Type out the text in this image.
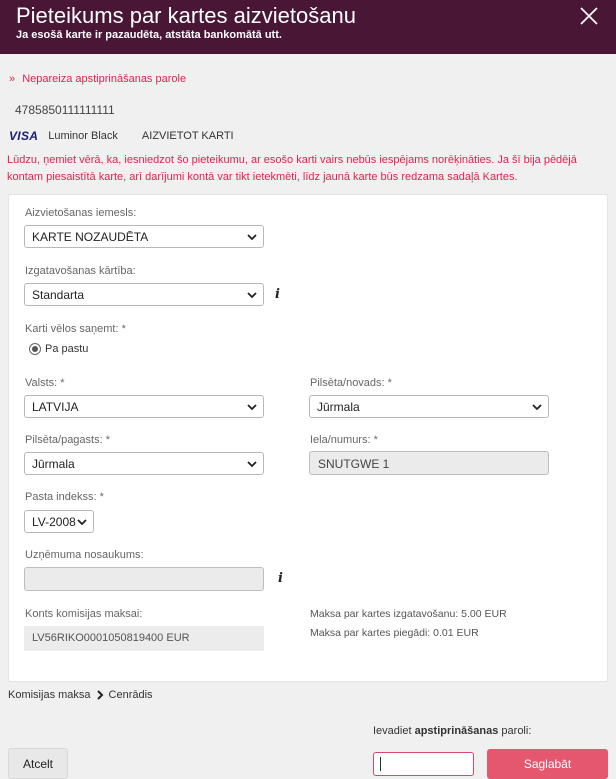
Pieteikums par kartes aizvietošanu
Ja esošā karte ir pazaudēta, atstāta bankomātā utt.
» Nepareiza apstiprināšanas parole
4785850111111111
VISA Luminor Black AIZVIETOT KARTI
Lūdzu, ņemiet vērā, ka, iesniedzot šo pieteikumu, ar esošo karti vairs nebūs iespējams norēķināties. Ja šī bija pēdējā kontam piesaistītā karte, arī darījumi kontā var tikt ietekmēti, līdz jaunā karte būs redzama sadaļā Kartes.
Aizvietošanas iemesls:
KARTE NOZAUDĒTA
Izgatavošanas kārtība:
Standarta	i
Karti vēlos saņemt: *
Pa pastu
Valsts: *
LATVIJA
Pilsēta/novads: *
Jūrmala
Pilsēta/pagasts: *
Jūrmala
Iela/numurs: *
SNUTGWE 1
Pasta indekss: *
LV-2008
Uzņēmuma nosaukums:
i
Konts komisijas maksai:
LV56RIKO0001050819400 EUR
Maksa par kartes izgatavošanu: 5.00 EUR
Maksa par kartes piegādi: 0.01 EUR
Komisijas maksa Cenrādis
Ievadiet apstiprināšanas paroli:
Atcelt	Saglabāt
